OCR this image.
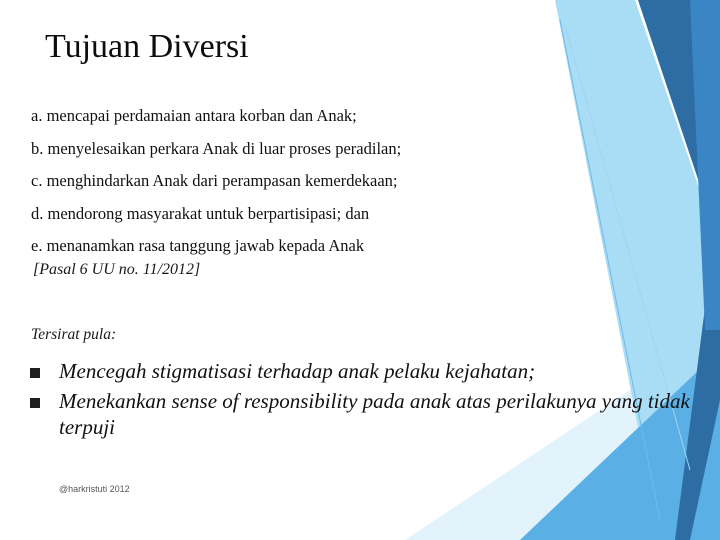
Tujuan Diversi
a. mencapai perdamaian antara korban dan Anak;
b. menyelesaikan perkara Anak di luar proses peradilan;
c. menghindarkan Anak dari perampasan kemerdekaan;
d. mendorong masyarakat untuk berpartisipasi; dan
e. menanamkan rasa tanggung jawab kepada Anak
[Pasal 6 UU no. 11/2012]
Tersirat pula:
Mencegah stigmatisasi terhadap anak pelaku kejahatan;
Menekankan sense of responsibility pada anak atas perilakunya yang tidak terpuji
@harkristuti 2012
